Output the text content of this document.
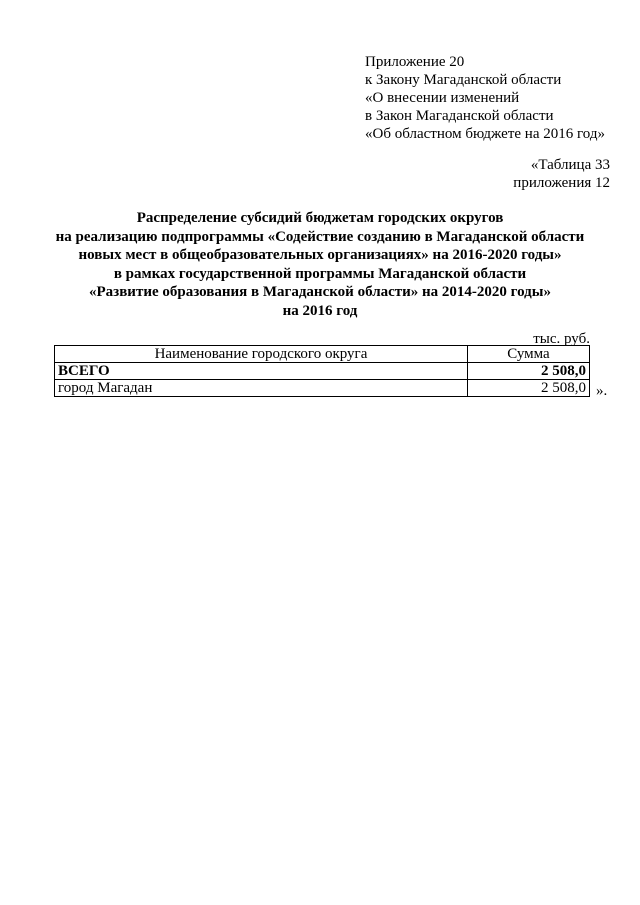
Приложение 20
к Закону Магаданской области
«О внесении изменений
в Закон Магаданской области
«Об областном бюджете на 2016 год»
«Таблица 33
приложения 12
Распределение субсидий бюджетам городских округов
на реализацию подпрограммы «Содействие созданию в Магаданской области
новых мест в общеобразовательных организациях» на 2016-2020 годы»
в рамках государственной программы Магаданской области
«Развитие образования в Магаданской области» на 2014-2020 годы»
на 2016 год
тыс. руб.
Наименование городского округа	Сумма
ВСЕГО	2 508,0
город Магадан	2 508,0 ».
